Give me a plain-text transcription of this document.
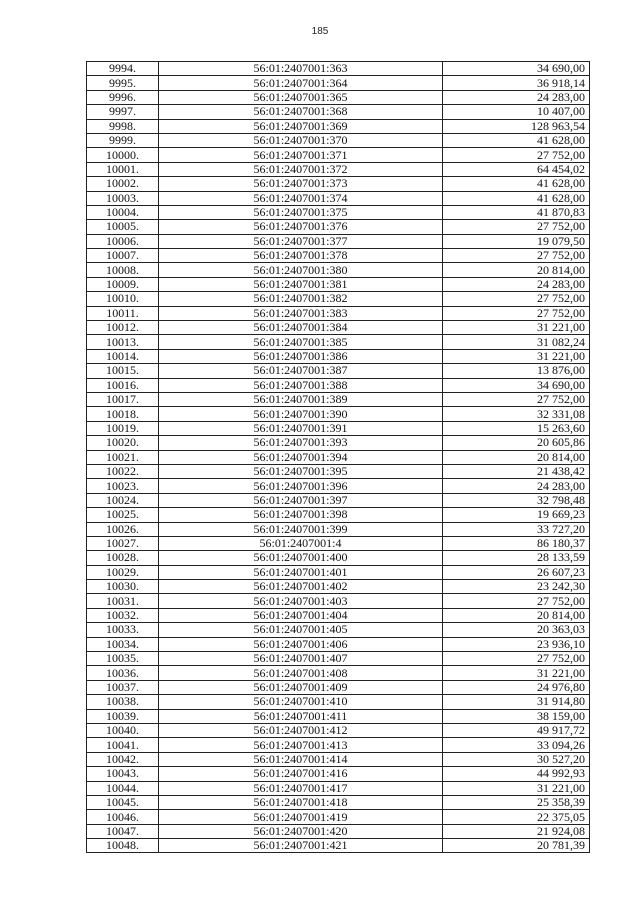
185
9994.	56:01:2407001:363	34 690,00
9995.	56:01:2407001:364	36 918,14
9996.	56:01:2407001:365	24 283,00
9997.	56:01:2407001:368	10 407,00
9998.	56:01:2407001:369	128 963,54
9999.	56:01:2407001:370	41 628,00
10000.	56:01:2407001:371	27 752,00
10001.	56:01:2407001:372	64 454,02
10002.	56:01:2407001:373	41 628,00
10003.	56:01:2407001:374	41 628,00
10004.	56:01:2407001:375	41 870,83
10005.	56:01:2407001:376	27 752,00
10006.	56:01:2407001:377	19 079,50
10007.	56:01:2407001:378	27 752,00
10008.	56:01:2407001:380	20 814,00
10009.	56:01:2407001:381	24 283,00
10010.	56:01:2407001:382	27 752,00
10011.	56:01:2407001:383	27 752,00
10012.	56:01:2407001:384	31 221,00
10013.	56:01:2407001:385	31 082,24
10014.	56:01:2407001:386	31 221,00
10015.	56:01:2407001:387	13 876,00
10016.	56:01:2407001:388	34 690,00
10017.	56:01:2407001:389	27 752,00
10018.	56:01:2407001:390	32 331,08
10019.	56:01:2407001:391	15 263,60
10020.	56:01:2407001:393	20 605,86
10021.	56:01:2407001:394	20 814,00
10022.	56:01:2407001:395	21 438,42
10023.	56:01:2407001:396	24 283,00
10024.	56:01:2407001:397	32 798,48
10025.	56:01:2407001:398	19 669,23
10026.	56:01:2407001:399	33 727,20
10027.	56:01:2407001:4	86 180,37
10028.	56:01:2407001:400	28 133,59
10029.	56:01:2407001:401	26 607,23
10030.	56:01:2407001:402	23 242,30
10031.	56:01:2407001:403	27 752,00
10032.	56:01:2407001:404	20 814,00
10033.	56:01:2407001:405	20 363,03
10034.	56:01:2407001:406	23 936,10
10035.	56:01:2407001:407	27 752,00
10036.	56:01:2407001:408	31 221,00
10037.	56:01:2407001:409	24 976,80
10038.	56:01:2407001:410	31 914,80
10039.	56:01:2407001:411	38 159,00
10040.	56:01:2407001:412	49 917,72
10041.	56:01:2407001:413	33 094,26
10042.	56:01:2407001:414	30 527,20
10043.	56:01:2407001:416	44 992,93
10044.	56:01:2407001:417	31 221,00
10045.	56:01:2407001:418	25 358,39
10046.	56:01:2407001:419	22 375,05
10047.	56:01:2407001:420	21 924,08
10048.	56:01:2407001:421	20 781,39
